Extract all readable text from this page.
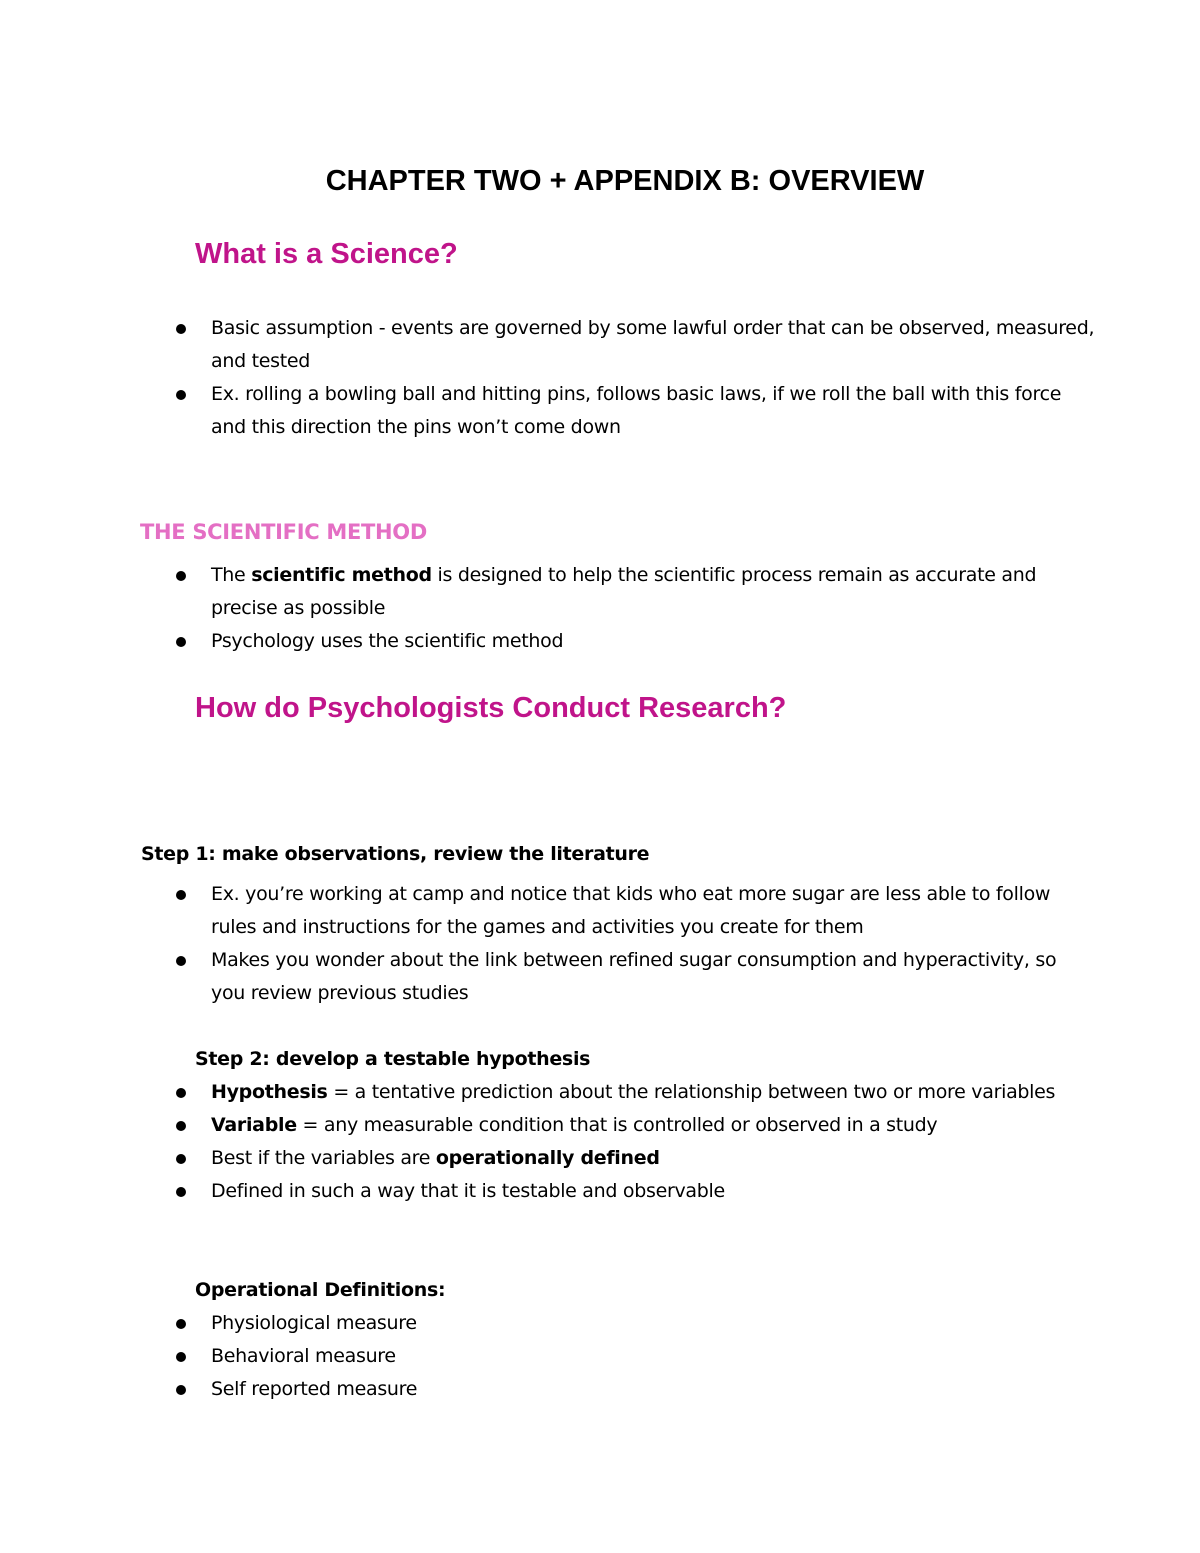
CHAPTER TWO + APPENDIX B: OVERVIEW
What is a Science?
Basic assumption - events are governed by some lawful order that can be observed, measured, and tested
Ex. rolling a bowling ball and hitting pins, follows basic laws, if we roll the ball with this force and this direction the pins won’t come down
THE SCIENTIFIC METHOD
The scientific method is designed to help the scientific process remain as accurate and precise as possible
Psychology uses the scientific method
How do Psychologists Conduct Research?
Step 1: make observations, review the literature
Ex. you’re working at camp and notice that kids who eat more sugar are less able to follow rules and instructions for the games and activities you create for them
Makes you wonder about the link between refined sugar consumption and hyperactivity, so you review previous studies
Step 2: develop a testable hypothesis
Hypothesis = a tentative prediction about the relationship between two or more variables
Variable = any measurable condition that is controlled or observed in a study
Best if the variables are operationally defined
Defined in such a way that it is testable and observable
Operational Definitions:
Physiological measure
Behavioral measure
Self reported measure
